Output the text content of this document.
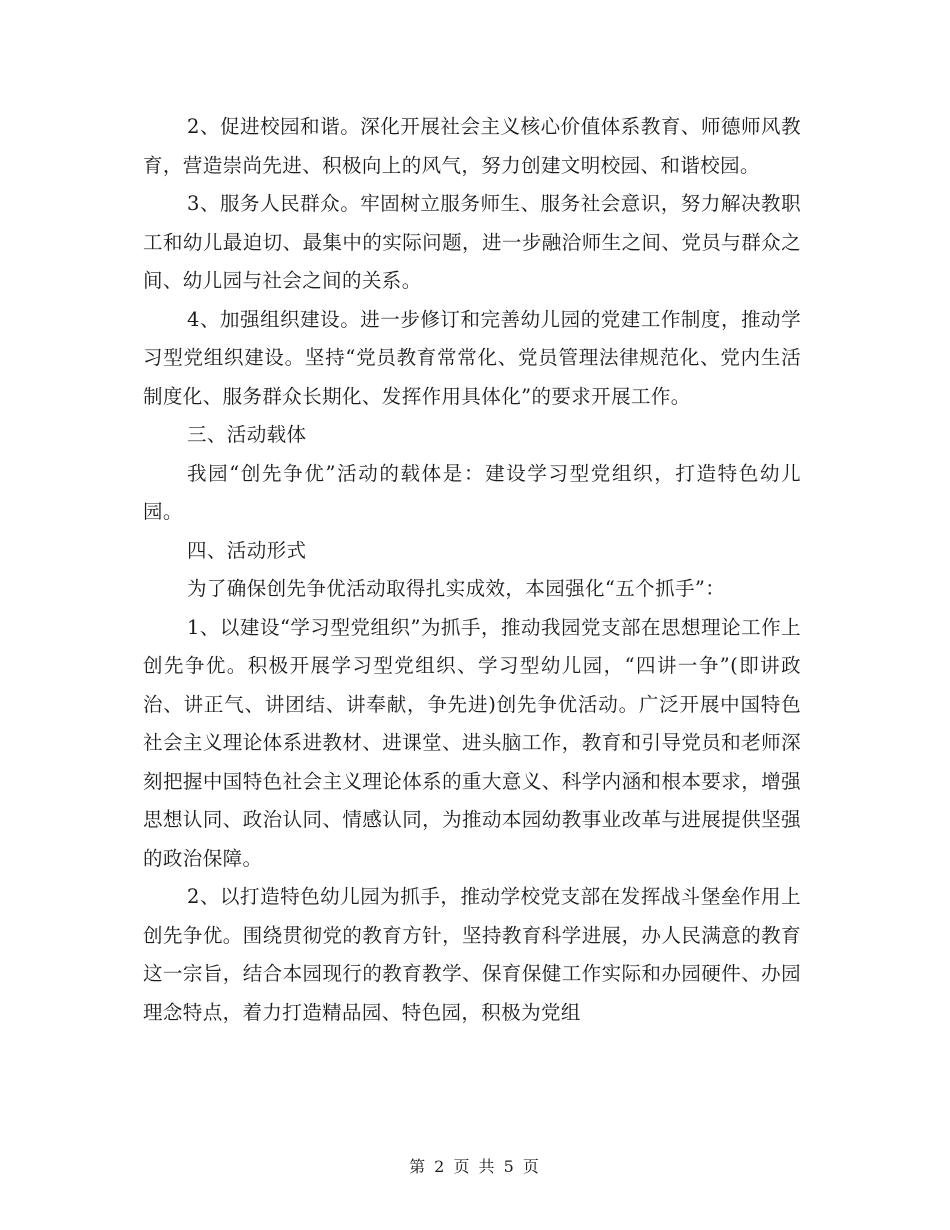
2、促进校园和谐。深化开展社会主义核心价值体系教育、师德师风教育，营造崇尚先进、积极向上的风气，努力创建文明校园、和谐校园。

3、服务人民群众。牢固树立服务师生、服务社会意识，努力解决教职工和幼儿最迫切、最集中的实际问题，进一步融洽师生之间、党员与群众之间、幼儿园与社会之间的关系。

4、加强组织建设。进一步修订和完善幼儿园的党建工作制度，推动学习型党组织建设。坚持“党员教育常常化、党员管理法律规范化、党内生活制度化、服务群众长期化、发挥作用具体化”的要求开展工作。

三、活动载体

我园“创先争优”活动的载体是：建设学习型党组织，打造特色幼儿园。

四、活动形式

为了确保创先争优活动取得扎实成效，本园强化“五个抓手”：

1、以建设“学习型党组织”为抓手，推动我园党支部在思想理论工作上创先争优。积极开展学习型党组织、学习型幼儿园，“四讲一争”(即讲政治、讲正气、讲团结、讲奉献，争先进)创先争优活动。广泛开展中国特色社会主义理论体系进教材、进课堂、进头脑工作，教育和引导党员和老师深刻把握中国特色社会主义理论体系的重大意义、科学内涵和根本要求，增强思想认同、政治认同、情感认同，为推动本园幼教事业改革与进展提供坚强的政治保障。

2、以打造特色幼儿园为抓手，推动学校党支部在发挥战斗堡垒作用上创先争优。围绕贯彻党的教育方针，坚持教育科学进展，办人民满意的教育这一宗旨，结合本园现行的教育教学、保育保健工作实际和办园硬件、办园理念特点，着力打造精品园、特色园，积极为党组

第 2 页 共 5 页
